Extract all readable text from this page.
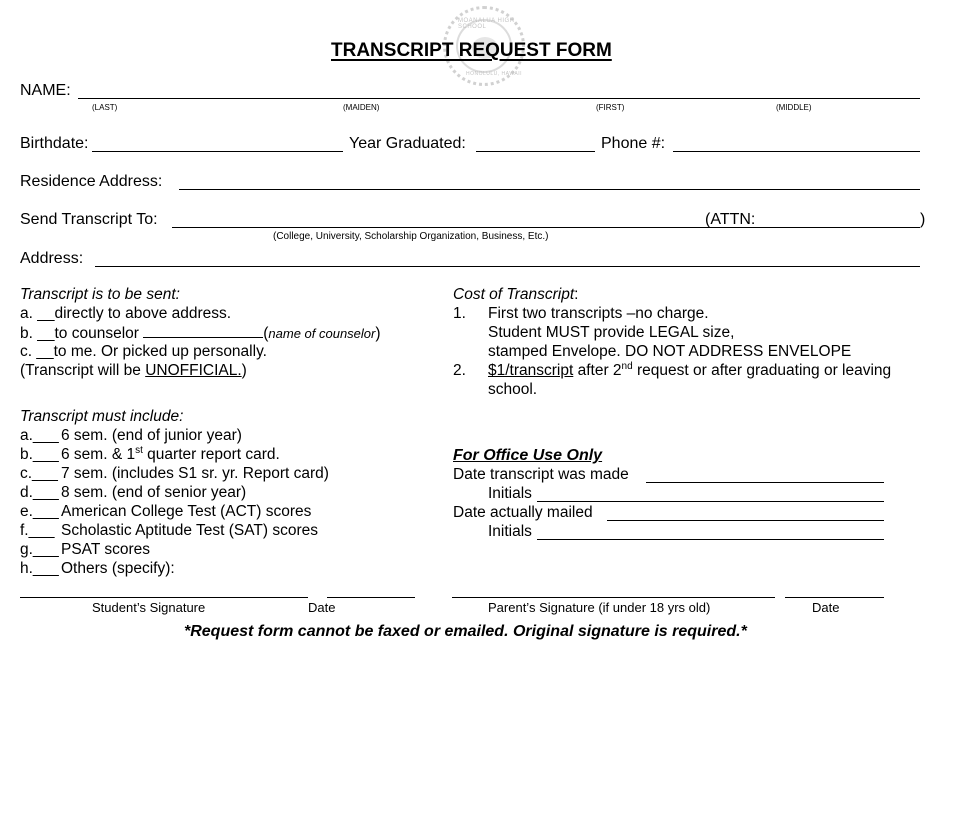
MOANALUA HIGH SCHOOL
HONOLULU, HAWAII
TRANSCRIPT REQUEST FORM
NAME:
(LAST)	(MAIDEN)	(FIRST)	(MIDDLE)
Birthdate:	Year Graduated:	Phone #:
Residence Address:
Send Transcript To:	(ATTN:	)
(College, University, Scholarship Organization, Business, Etc.)
Address:
Transcript is to be sent:
a. __directly to above address.
b. __to counselor	(name of counselor)
c. __to me. Or picked up personally.
(Transcript will be UNOFFICIAL.)
Cost of Transcript:
1. First two transcripts –no charge.
Student MUST provide LEGAL size,
stamped Envelope. DO NOT ADDRESS ENVELOPE
2. $1/transcript after 2nd request or after graduating or leaving
school.
Transcript must include:
a.___ 6 sem. (end of junior year)
b.___ 6 sem. & 1st quarter report card.
c.___ 7 sem. (includes S1 sr. yr. Report card)
d.___ 8 sem. (end of senior year)
e.___ American College Test (ACT) scores
f.___ Scholastic Aptitude Test (SAT) scores
g.___ PSAT scores
h.___ Others (specify):
For Office Use Only
Date transcript was made
Initials
Date actually mailed
Initials
Student’s Signature	Date	Parent’s Signature (if under 18 yrs old)	Date
*Request form cannot be faxed or emailed. Original signature is required.*
